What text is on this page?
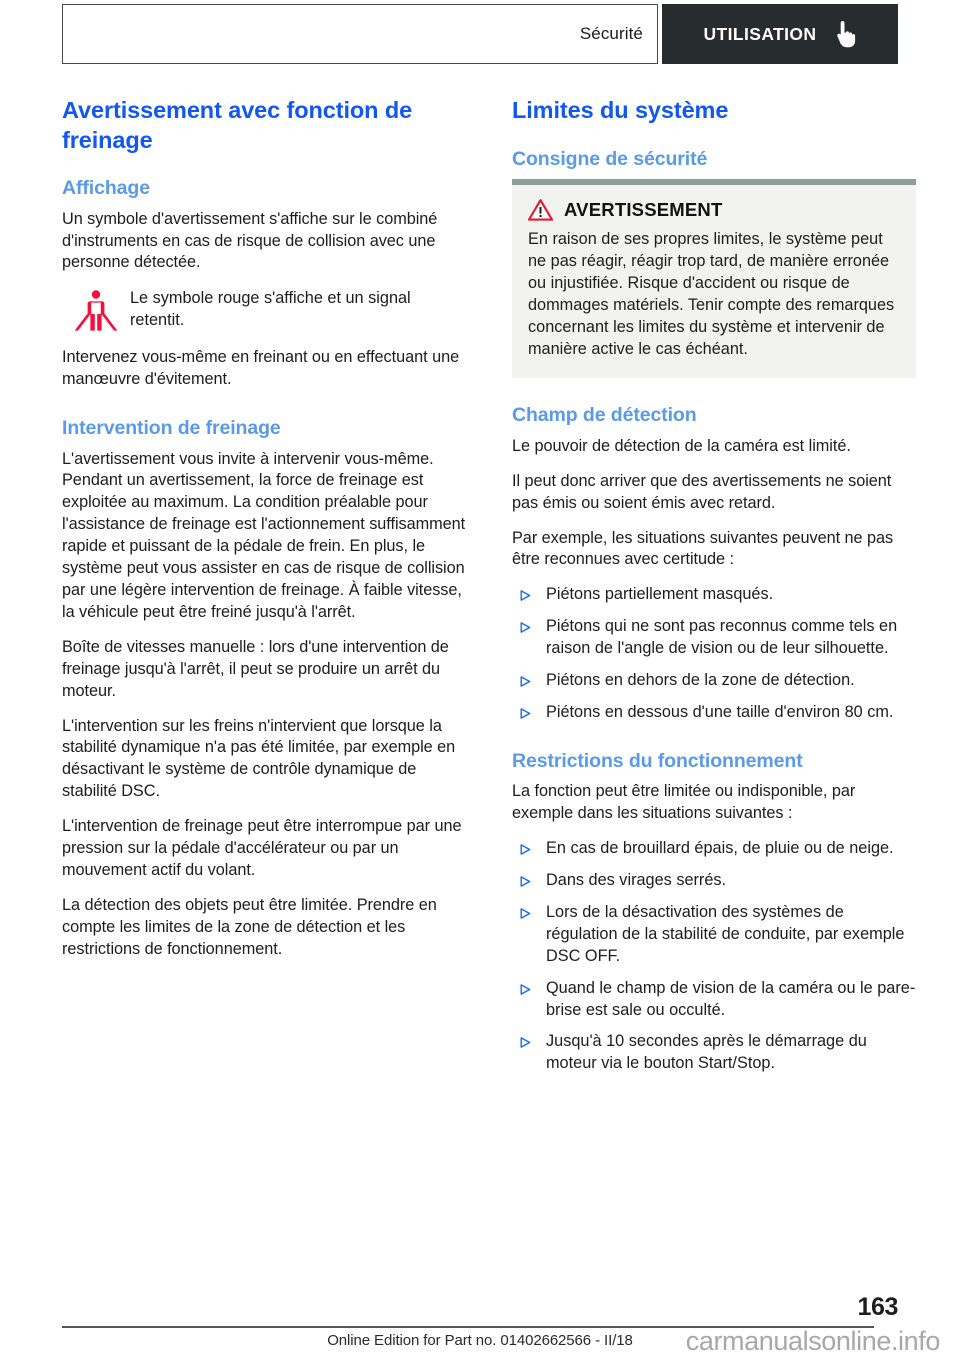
Sécurité	UTILISATION
Avertissement avec fonction de freinage
Affichage

Un symbole d'avertissement s'affiche sur le combiné d'instruments en cas de risque de collision avec une personne détectée.

Le symbole rouge s'affiche et un signal retentit.

Intervenez vous-même en freinant ou en effectuant une manœuvre d'évitement.

Intervention de freinage

L'avertissement vous invite à intervenir vous-même. Pendant un avertissement, la force de freinage est exploitée au maximum. La condition préalable pour l'assistance de freinage est l'actionnement suffisamment rapide et puissant de la pédale de frein. En plus, le système peut vous assister en cas de risque de collision par une légère intervention de freinage. À faible vitesse, la véhicule peut être freiné jusqu'à l'arrêt.

Boîte de vitesses manuelle : lors d'une intervention de freinage jusqu'à l'arrêt, il peut se produire un arrêt du moteur.

L'intervention sur les freins n'intervient que lorsque la stabilité dynamique n'a pas été limitée, par exemple en désactivant le système de contrôle dynamique de stabilité DSC.

L'intervention de freinage peut être interrompue par une pression sur la pédale d'accélérateur ou par un mouvement actif du volant.

La détection des objets peut être limitée. Prendre en compte les limites de la zone de détection et les restrictions de fonctionnement.

Limites du système
Consigne de sécurité
AVERTISSEMENT

En raison de ses propres limites, le système peut ne pas réagir, réagir trop tard, de manière erronée ou injustifiée. Risque d'accident ou risque de dommages matériels. Tenir compte des remarques concernant les limites du système et intervenir de manière active le cas échéant.

Champ de détection

Le pouvoir de détection de la caméra est limité.

Il peut donc arriver que des avertissements ne soient pas émis ou soient émis avec retard.

Par exemple, les situations suivantes peuvent ne pas être reconnues avec certitude :

Piétons partiellement masqués.
Piétons qui ne sont pas reconnus comme tels en raison de l'angle de vision ou de leur silhouette.
Piétons en dehors de la zone de détection.
Piétons en dessous d'une taille d'environ 80 cm.
Restrictions du fonctionnement

La fonction peut être limitée ou indisponible, par exemple dans les situations suivantes :

En cas de brouillard épais, de pluie ou de neige.
Dans des virages serrés.
Lors de la désactivation des systèmes de régulation de la stabilité de conduite, par exemple DSC OFF.
Quand le champ de vision de la caméra ou le pare-brise est sale ou occulté.
Jusqu'à 10 secondes après le démarrage du moteur via le bouton Start/Stop.
163
Online Edition for Part no. 01402662566 - II/18	carmanualsonline.info
